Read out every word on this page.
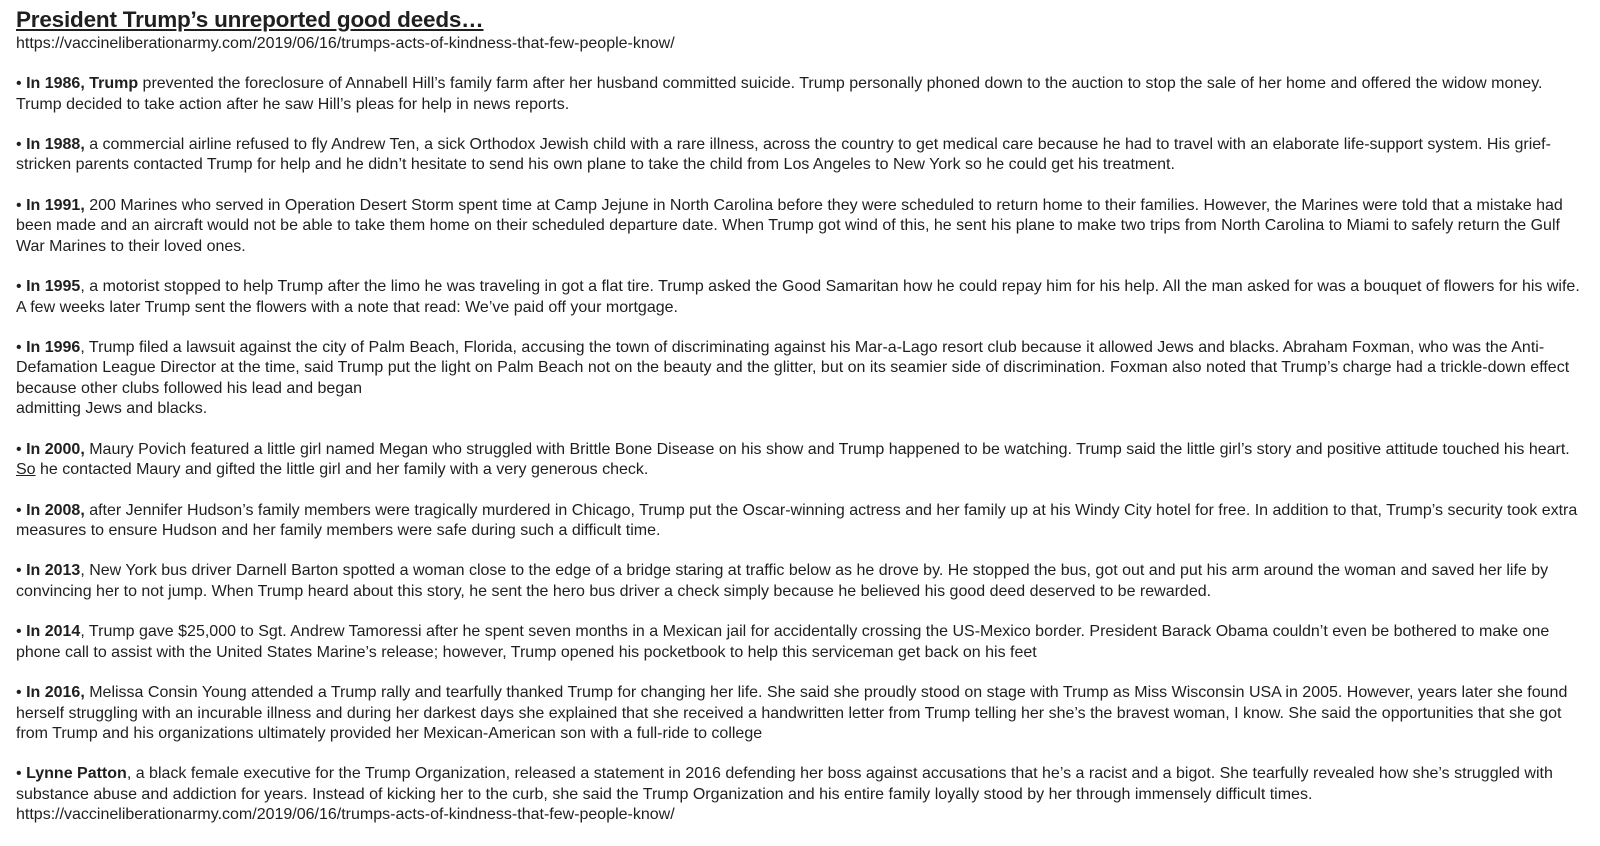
President Trump’s unreported good deeds…

https://vaccineliberationarmy.com/2019/06/16/trumps-acts-of-kindness-that-few-people-know/

• In 1986, Trump prevented the foreclosure of Annabell Hill’s family farm after her husband committed suicide. Trump personally phoned down to the auction to stop the sale of her home and offered the widow money. Trump decided to take action after he saw Hill’s pleas for help in news reports.

• In 1988, a commercial airline refused to fly Andrew Ten, a sick Orthodox Jewish child with a rare illness, across the country to get medical care because he had to travel with an elaborate life-support system. His grief-stricken parents contacted Trump for help and he didn’t hesitate to send his own plane to take the child from Los Angeles to New York so he could get his treatment.

• In 1991, 200 Marines who served in Operation Desert Storm spent time at Camp Jejune in North Carolina before they were scheduled to return home to their families. However, the Marines were told that a mistake had been made and an aircraft would not be able to take them home on their scheduled departure date. When Trump got wind of this, he sent his plane to make two trips from North Carolina to Miami to safely return the Gulf War Marines to their loved ones.

• In 1995, a motorist stopped to help Trump after the limo he was traveling in got a flat tire. Trump asked the Good Samaritan how he could repay him for his help. All the man asked for was a bouquet of flowers for his wife. A few weeks later Trump sent the flowers with a note that read: We’ve paid off your mortgage.

• In 1996, Trump filed a lawsuit against the city of Palm Beach, Florida, accusing the town of discriminating against his Mar-a-Lago resort club because it allowed Jews and blacks. Abraham Foxman, who was the Anti-Defamation League Director at the time, said Trump put the light on Palm Beach not on the beauty and the glitter, but on its seamier side of discrimination. Foxman also noted that Trump’s charge had a trickle-down effect because other clubs followed his lead and began
admitting Jews and blacks.

• In 2000, Maury Povich featured a little girl named Megan who struggled with Brittle Bone Disease on his show and Trump happened to be watching. Trump said the little girl’s story and positive attitude touched his heart. So he contacted Maury and gifted the little girl and her family with a very generous check.

• In 2008, after Jennifer Hudson’s family members were tragically murdered in Chicago, Trump put the Oscar-winning actress and her family up at his Windy City hotel for free. In addition to that, Trump’s security took extra measures to ensure Hudson and her family members were safe during such a difficult time.

• In 2013, New York bus driver Darnell Barton spotted a woman close to the edge of a bridge staring at traffic below as he drove by. He stopped the bus, got out and put his arm around the woman and saved her life by convincing her to not jump. When Trump heard about this story, he sent the hero bus driver a check simply because he believed his good deed deserved to be rewarded.

• In 2014, Trump gave $25,000 to Sgt. Andrew Tamoressi after he spent seven months in a Mexican jail for accidentally crossing the US-Mexico border. President Barack Obama couldn’t even be bothered to make one phone call to assist with the United States Marine’s release; however, Trump opened his pocketbook to help this serviceman get back on his feet

• In 2016, Melissa Consin Young attended a Trump rally and tearfully thanked Trump for changing her life. She said she proudly stood on stage with Trump as Miss Wisconsin USA in 2005. However, years later she found herself struggling with an incurable illness and during her darkest days she explained that she received a handwritten letter from Trump telling her she’s the bravest woman, I know. She said the opportunities that she got from Trump and his organizations ultimately provided her Mexican-American son with a full-ride to college

• Lynne Patton, a black female executive for the Trump Organization, released a statement in 2016 defending her boss against accusations that he’s a racist and a bigot. She tearfully revealed how she’s struggled with substance abuse and addiction for years. Instead of kicking her to the curb, she said the Trump Organization and his entire family loyally stood by her through immensely difficult times.

https://vaccineliberationarmy.com/2019/06/16/trumps-acts-of-kindness-that-few-people-know/
